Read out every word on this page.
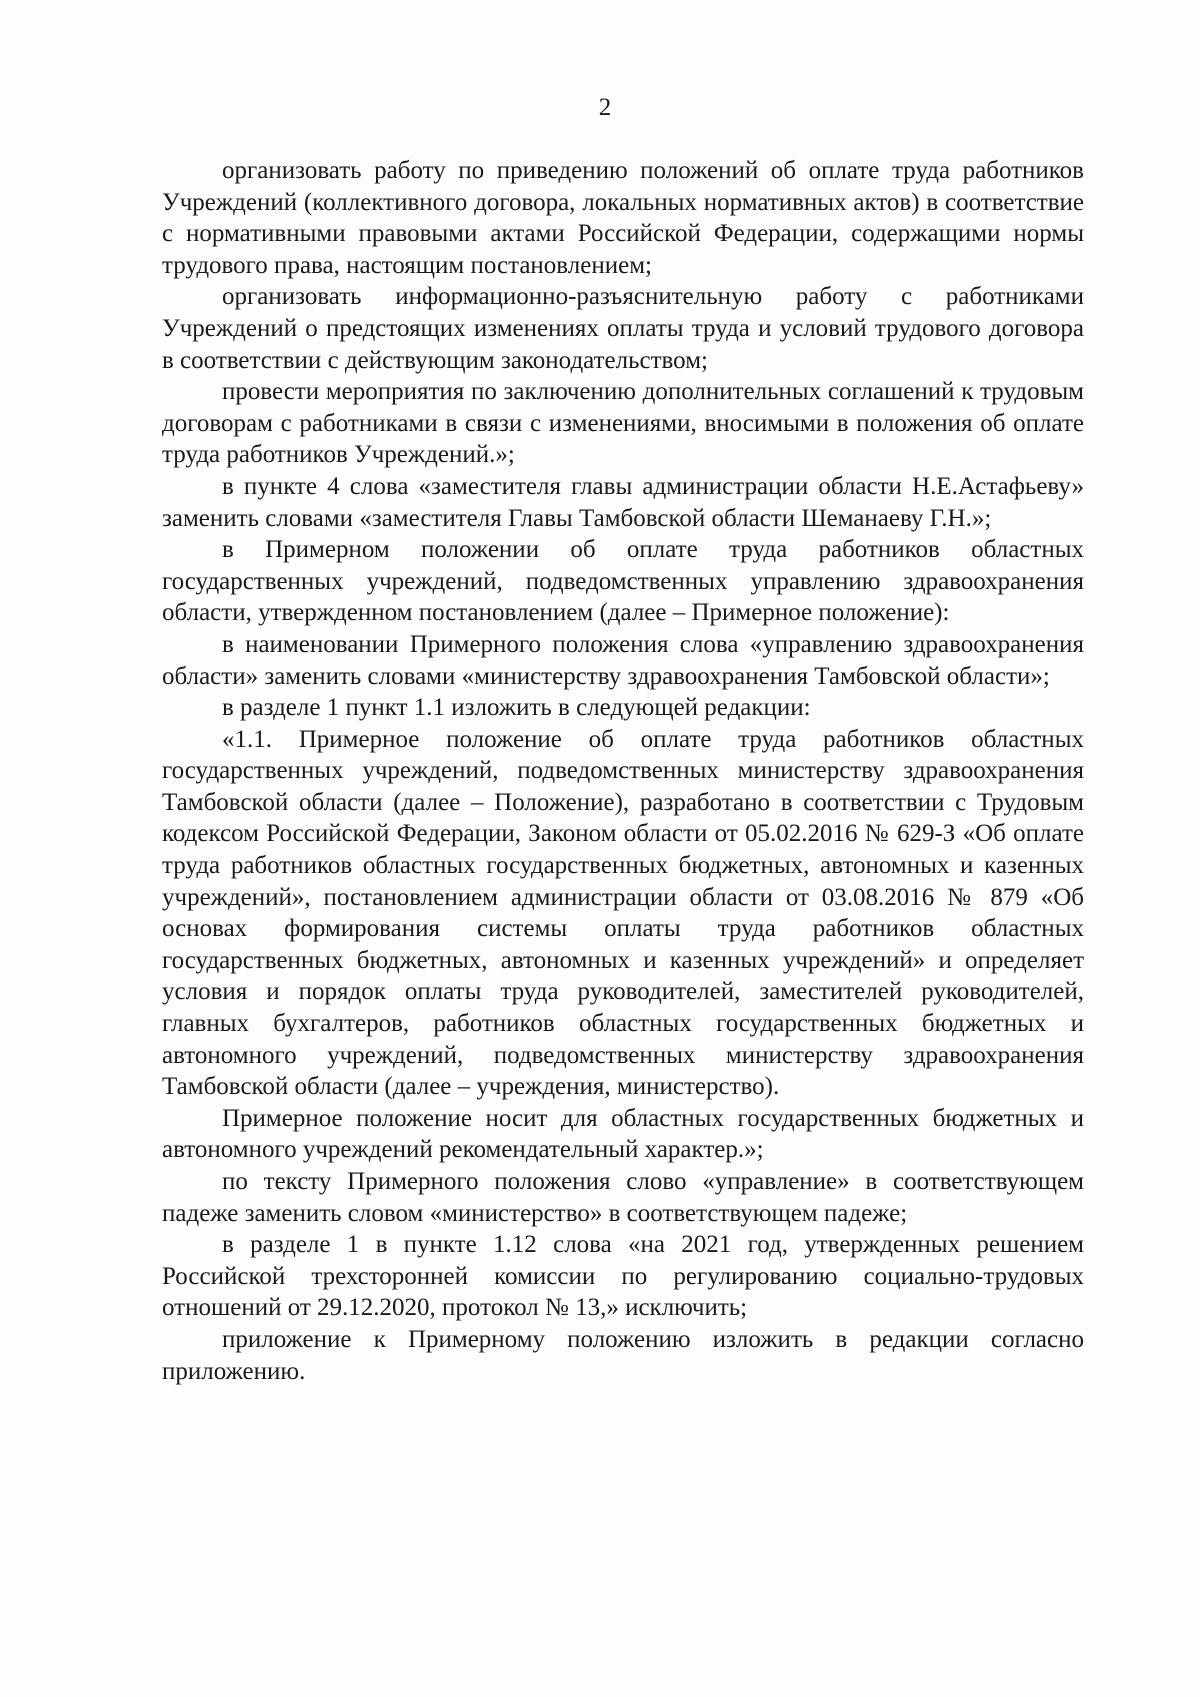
2

организовать работу по приведению положений об оплате труда работников Учреждений (коллективного договора, локальных нормативных актов) в соответствие с нормативными правовыми актами Российской Федерации, содержащими нормы трудового права, настоящим постановлением;

организовать информационно-разъяснительную работу с работниками Учреждений о предстоящих изменениях оплаты труда и условий трудового договора в соответствии с действующим законодательством;

провести мероприятия по заключению дополнительных соглашений к трудовым договорам с работниками в связи с изменениями, вносимыми в положения об оплате труда работников Учреждений.»;

в пункте 4 слова «заместителя главы администрации области Н.Е.Астафьеву» заменить словами «заместителя Главы Тамбовской области Шеманаеву Г.Н.»;

в Примерном положении об оплате труда работников областных государственных учреждений, подведомственных управлению здравоохранения области, утвержденном постановлением (далее – Примерное положение):

в наименовании Примерного положения слова «управлению здравоохранения области» заменить словами «министерству здравоохранения Тамбовской области»;

в разделе 1 пункт 1.1 изложить в следующей редакции:

«1.1. Примерное положение об оплате труда работников областных государственных учреждений, подведомственных министерству здравоохранения Тамбовской области (далее – Положение), разработано в соответствии с Трудовым кодексом Российской Федерации, Законом области от 05.02.2016 № 629-З «Об оплате труда работников областных государственных бюджетных, автономных и казенных учреждений», постановлением администрации области от 03.08.2016 № 879 «Об основах формирования системы оплаты труда работников областных государственных бюджетных, автономных и казенных учреждений» и определяет условия и порядок оплаты труда руководителей, заместителей руководителей, главных бухгалтеров, работников областных государственных бюджетных и автономного учреждений, подведомственных министерству здравоохранения Тамбовской области (далее – учреждения, министерство).

Примерное положение носит для областных государственных бюджетных и автономного учреждений рекомендательный характер.»;

по тексту Примерного положения слово «управление» в соответствующем падеже заменить словом «министерство» в соответствующем падеже;

в разделе 1 в пункте 1.12 слова «на 2021 год, утвержденных решением Российской трехсторонней комиссии по регулированию социально-трудовых отношений от 29.12.2020, протокол № 13,» исключить;

приложение к Примерному положению изложить в редакции согласно приложению.
